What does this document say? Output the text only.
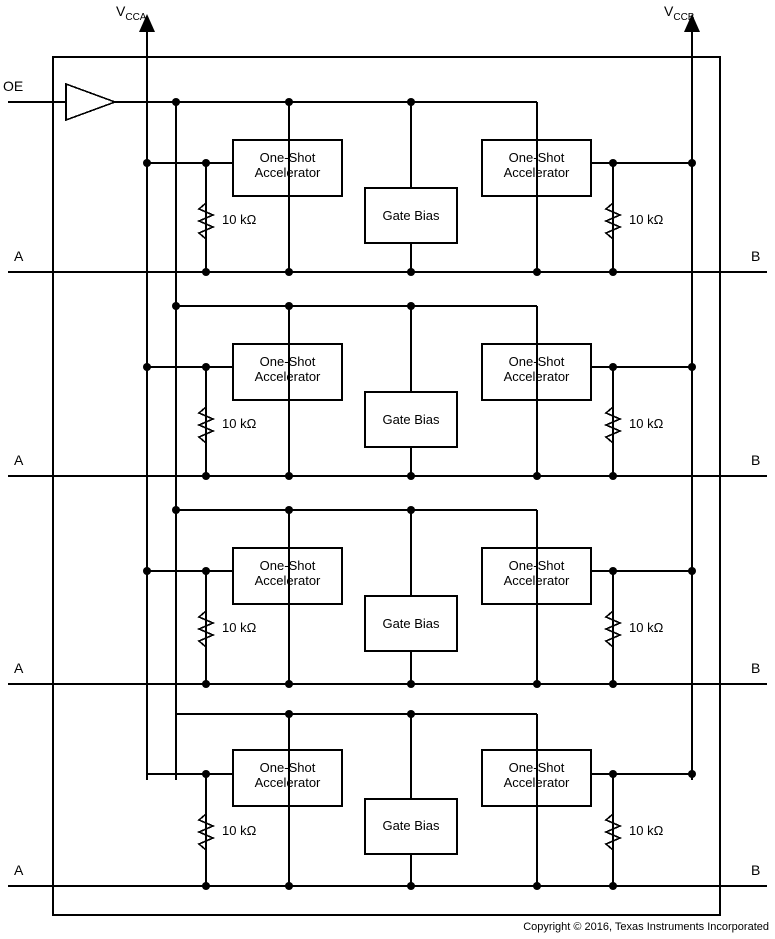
$V_{CCA}$	$V_{CCB}$
OE
A
A
A
A
B
B
B
B
One-Shot
Accelerator
One-Shot
Accelerator
One-Shot
Accelerator
One-Shot
Accelerator
One-Shot
Accelerator
One-Shot
Accelerator
One-Shot
Accelerator
One-Shot
Accelerator
Gate Bias
Gate Bias
Gate Bias
Gate Bias
10 kΩ
10 kΩ
10 kΩ
10 kΩ
10 kΩ
10 kΩ
10 kΩ
10 kΩ
Copyright © 2016, Texas Instruments Incorporated
